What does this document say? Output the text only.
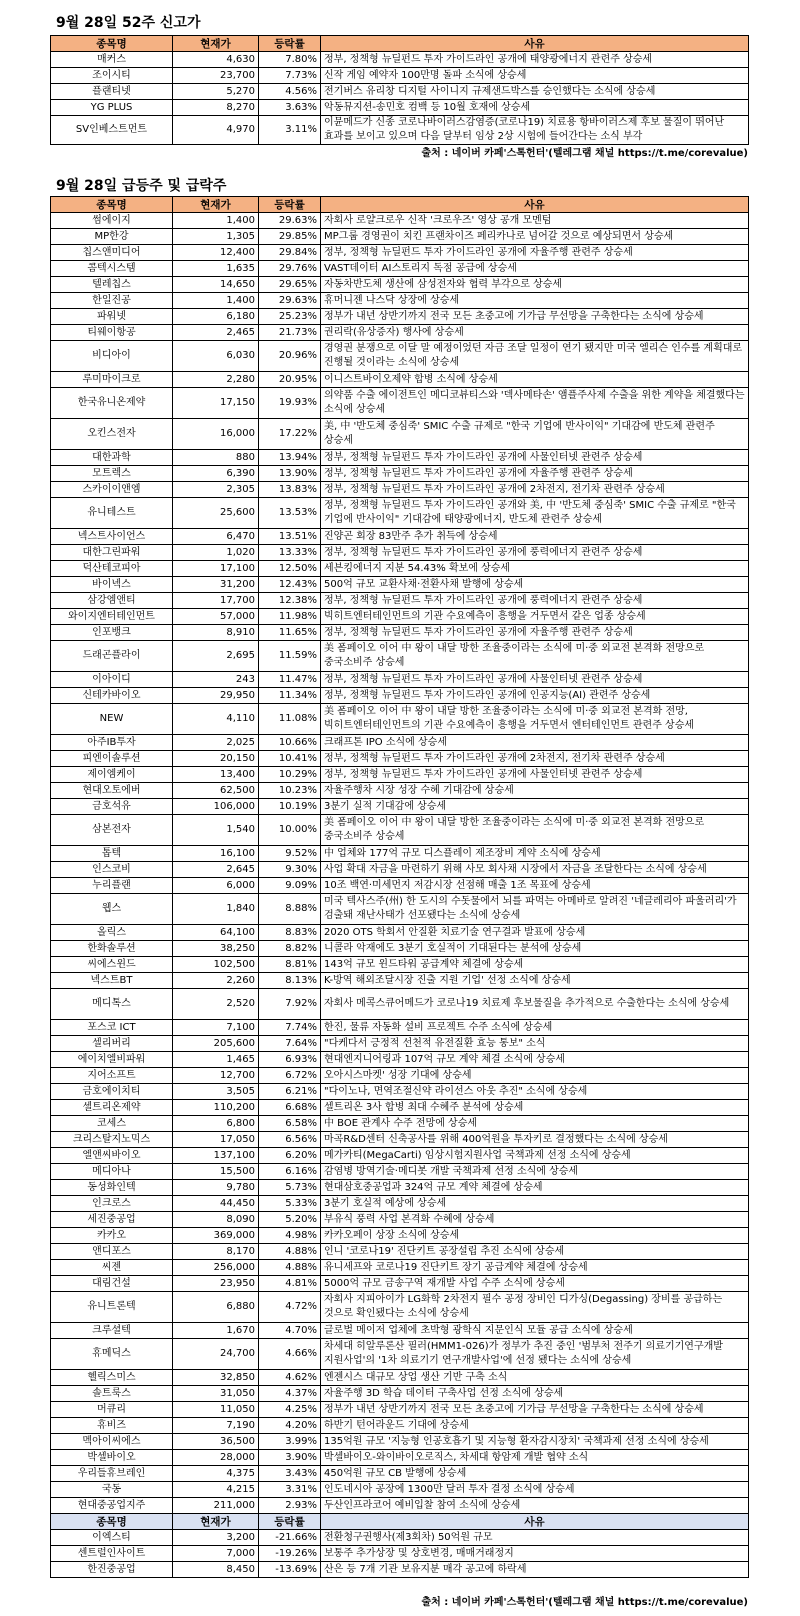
9월 28일 52주 신고가
종목명	현재가	등락률	사유
매커스	4,630	7.80%	정부, 정책형 뉴딜펀드 투자 가이드라인 공개에 태양광에너지 관련주 상승세
조이시티	23,700	7.73%	신작 게임 예약자 100만명 돌파 소식에 상승세
플랜티넷	5,270	4.56%	전기버스 유리창 디지털 사이니지 규제샌드박스를 승인했다는 소식에 상승세
YG PLUS	8,270	3.63%	악동뮤지션-송민호 컴백 등 10월 호재에 상승세
SV인베스트먼트	4,970	3.11%	이뮨메드가 신종 코로나바이러스감염증(코로나19) 치료용 항바이러스제 후보 물질이 뛰어난 효과를 보이고 있으며 다음 달부터 임상 2상 시험에 들어간다는 소식 부각
출처 : 네이버 카페'스톡헌터'(텔레그램 채널 https://t.me/corevalue)
9월 28일 급등주 및 급락주
종목명	현재가	등락률	사유
썸에이지	1,400	29.63%	자회사 로얄크로우 신작 '크로우즈' 영상 공개 모멘텀
MP한강	1,305	29.85%	MP그룹 경영권이 치킨 프랜차이즈 페리카나로 넘어갈 것으로 예상되면서 상승세
칩스앤미디어	12,400	29.84%	정부, 정책형 뉴딜펀드 투자 가이드라인 공개에 자율주행 관련주 상승세
콤텍시스템	1,635	29.76%	VAST데이터 AI스토리지 독점 공급에 상승세
텔레칩스	14,650	29.65%	자동차반도체 생산에 삼성전자와 협력 부각으로 상승세
한일진공	1,400	29.63%	휴머니젠 나스닥 상장에 상승세
파워넷	6,180	25.23%	정부가 내년 상반기까지 전국 모든 초중고에 기가급 무선망을 구축한다는 소식에 상승세
티웨이항공	2,465	21.73%	권리락(유상증자) 행사에 상승세
비디아이	6,030	20.96%	경영권 분쟁으로 이달 말 예정이었던 자금 조달 일정이 연기 됐지만 미국 엘리슨 인수를 계획대로 진행될 것이라는 소식에 상승세
루미마이크로	2,280	20.95%	이니스트바이오제약 합병 소식에 상승세
한국유니온제약	17,150	19.93%	의약품 수출 에이전트인 메디코뷰티스와 '덱사메타손' 앰플주사제 수출을 위한 계약을 체결했다는 소식에 상승세
오킨스전자	16,000	17.22%	美, 中 '반도체 중심죽' SMIC 수출 규제로 "한국 기업에 반사이익" 기대감에 반도체 관련주 상승세
대한과학	880	13.94%	정부, 정책형 뉴딜펀드 투자 가이드라인 공개에 사물인터넷 관련주 상승세
모트렉스	6,390	13.90%	정부, 정책형 뉴딜펀드 투자 가이드라인 공개에 자율주행 관련주 상승세
스카이이앤엠	2,305	13.83%	정부, 정책형 뉴딜펀드 투자 가이드라인 공개에 2차전지, 전기차 관련주 상승세
유니테스트	25,600	13.53%	정부, 정책형 뉴딜펀드 투자 가이드라인 공개와 美, 中 '반도체 중심죽' SMIC 수출 규제로 "한국 기업에 반사이익" 기대감에 태양광에너지, 반도체 관련주 상승세
넥스트사이언스	6,470	13.51%	진양곤 회장 83만주 추가 취득에 상승세
대한그린파워	1,020	13.33%	정부, 정책형 뉴딜펀드 투자 가이드라인 공개에 풍력에너지 관련주 상승세
덕산테코피아	17,100	12.50%	세븐킹에너지 지분 54.43% 확보에 상승세
바이넥스	31,200	12.43%	500억 규모 교환사채·전환사채 발행에 상승세
삼강엠앤티	17,700	12.38%	정부, 정책형 뉴딜펀드 투자 가이드라인 공개에 풍력에너지 관련주 상승세
와이지엔터테인먼트	57,000	11.98%	빅히트엔터테인먼트의 기관 수요예측이 흥행을 거두면서 같은 업종 상승세
인포뱅크	8,910	11.65%	정부, 정책형 뉴딜펀드 투자 가이드라인 공개에 자율주행 관련주 상승세
드래곤플라이	2,695	11.59%	美 폼페이오 이어 中 왕이 내달 방한 조율중이라는 소식에 미·중 외교전 본격화 전망으로 중국소비주 상승세
이아이디	243	11.47%	정부, 정책형 뉴딜펀드 투자 가이드라인 공개에 사물인터넷 관련주 상승세
신테카바이오	29,950	11.34%	정부, 정책형 뉴딜펀드 투자 가이드라인 공개에 인공지능(AI) 관련주 상승세
NEW	4,110	11.08%	美 폼페이오 이어 中 왕이 내달 방한 조율중이라는 소식에 미·중 외교전 본격화 전망, 빅히트엔터테인먼트의 기관 수요예측이 흥행을 거두면서 엔터테인먼트 관련주 상승세
아주IB투자	2,025	10.66%	크래프톤 IPO 소식에 상승세
피엔이솔루션	20,150	10.41%	정부, 정책형 뉴딜펀드 투자 가이드라인 공개에 2차전지, 전기차 관련주 상승세
제이엠케이	13,400	10.29%	정부, 정책형 뉴딜펀드 투자 가이드라인 공개에 사물인터넷 관련주 상승세
현대오토에버	62,500	10.23%	자율주행차 시장 성장 수혜 기대감에 상승세
금호석유	106,000	10.19%	3분기 실적 기대감에 상승세
삼본전자	1,540	10.00%	美 폼페이오 이어 中 왕이 내달 방한 조율중이라는 소식에 미·중 외교전 본격화 전망으로 중국소비주 상승세
톱텍	16,100	9.52%	中 업체와 177억 규모 디스플레이 제조장비 계약 소식에 상승세
인스코비	2,645	9.30%	사업 확대 자금을 마련하기 위해 사모 회사채 시장에서 자금을 조달한다는 소식에 상승세
누리플랜	6,000	9.09%	10조 백연·미세먼지 저감시장 선점해 매출 1조 목표에 상승세
웹스	1,840	8.88%	미국 텍사스주(州) 한 도시의 수돗물에서 뇌를 파먹는 아메바로 알려진 '네글레리아 파울러리'가 검출돼 재난사태가 선포됐다는 소식에 상승세
올릭스	64,100	8.83%	2020 OTS 학회서 안질환 치료기술 연구결과 발표에 상승세
한화솔루션	38,250	8.82%	니콜라 악재에도 3분기 호실적이 기대된다는 분석에 상승세
씨에스윈드	102,500	8.81%	143억 규모 윈드타워 공급계약 체결에 상승세
넥스트BT	2,260	8.13%	K-방역 해외조달시장 진출 지원 기업' 선정 소식에 상승세
메디톡스	2,520	7.92%	자회사 메콕스큐어메드가 코로나19 치료제 후보물질을 추가적으로 수출한다는 소식에 상승세
포스코 ICT	7,100	7.74%	한진, 물류 자동화 설비 프로젝트 수주 소식에 상승세
셀리버리	205,600	7.64%	"다케다서 긍정적 선천적 유전질환 효능 통보" 소식
에이치엘비파워	1,465	6.93%	현대엔지니어링과 107억 규모 계약 체결 소식에 상승세
지어소프트	12,700	6.72%	오아시스마켓' 성장 기대에 상승세
금호에이치티	3,505	6.21%	"다이노나, 면역조절신약 라이선스 아웃 추진" 소식에 상승세
셀트리온제약	110,200	6.68%	셀트리온 3사 합병 최대 수혜주 분석에 상승세
코세스	6,800	6.58%	中 BOE 관계사 수주 전망에 상승세
크리스탈지노믹스	17,050	6.56%	마곡R&D센터 신축공사를 위해 400억원을 투자키로 결정했다는 소식에 상승세
엘앤씨바이오	137,100	6.20%	메가카티(MegaCarti) 임상시험지원사업 국책과제 선정 소식에 상승세
메디아나	15,500	6.16%	감염병 방역기술·메디봇 개발 국책과제 선정 소식에 상승세
동성화인텍	9,780	5.73%	현대삼호중공업과 324억 규모 계약 체결에 상승세
인크로스	44,450	5.33%	3분기 호실적 예상에 상승세
세진중공업	8,090	5.20%	부유식 풍력 사업 본격화 수혜에 상승세
카카오	369,000	4.98%	카카오페이 상장 소식에 상승세
앤디포스	8,170	4.88%	인니 '코로나19' 진단키트 공장설립 추진 소식에 상승세
씨젠	256,000	4.88%	유니세프와 코로나19 진단키트 장기 공급계약 체결에 상승세
대림건설	23,950	4.81%	5000억 규모 금송구역 재개발 사업 수주 소식에 상승세
유니트론텍	6,880	4.72%	자회사 지피아이가 LG화학 2차전지 필수 공정 장비인 디가싱(Degassing) 장비를 공급하는 것으로 확인됐다는 소식에 상승세
크루셜텍	1,670	4.70%	글로벌 메이저 업체에 초박형 광학식 지문인식 모듈 공급 소식에 상승세
휴메딕스	24,700	4.66%	차세대 히알루론산 필러(HMM1-026)가 정부가 추진 중인 '범부처 전주기 의료기기연구개발 지원사업'의 '1차 의료기기 연구개발사업'에 선정 됐다는 소식에 상승세
헬릭스미스	32,850	4.62%	엔젠시스 대규모 상업 생산 기반 구축 소식
솔트룩스	31,050	4.37%	자율주행 3D 학습 데이터 구축사업 선정 소식에 상승세
머큐리	11,050	4.25%	정부가 내년 상반기까지 전국 모든 초중고에 기가급 무선망을 구축한다는 소식에 상승세
휴비즈	7,190	4.20%	하반기 턴어라운드 기대에 상승세
멕아이씨에스	36,500	3.99%	135억원 규모 '지능형 인공호흡기 및 지능형 환자감시장치' 국책과제 선정 소식에 상승세
박셀바이오	28,000	3.90%	박셀바이오-와이바이오로직스, 차세대 항암제 개발 협약 소식
우리들휴브레인	4,375	3.43%	450억원 규모 CB 발행에 상승세
국동	4,215	3.31%	인도네시아 공장에 1300만 달러 투자 결정 소식에 상승세
현대중공업지주	211,000	2.93%	두산인프라코어 예비입찰 참여 소식에 상승세
종목명	현재가	등락률	사유
이엑스티	3,200	-21.66%	전환청구권행사(제3회차) 50억원 규모
센트럴인사이트	7,000	-19.26%	보통주 추가상장 및 상호변경, 매매거래정지
한진중공업	8,450	-13.69%	산은 등 7개 기관 보유지분 매각 공고에 하락세
출처 : 네이버 카페'스톡헌터'(텔레그램 채널 https://t.me/corevalue)
